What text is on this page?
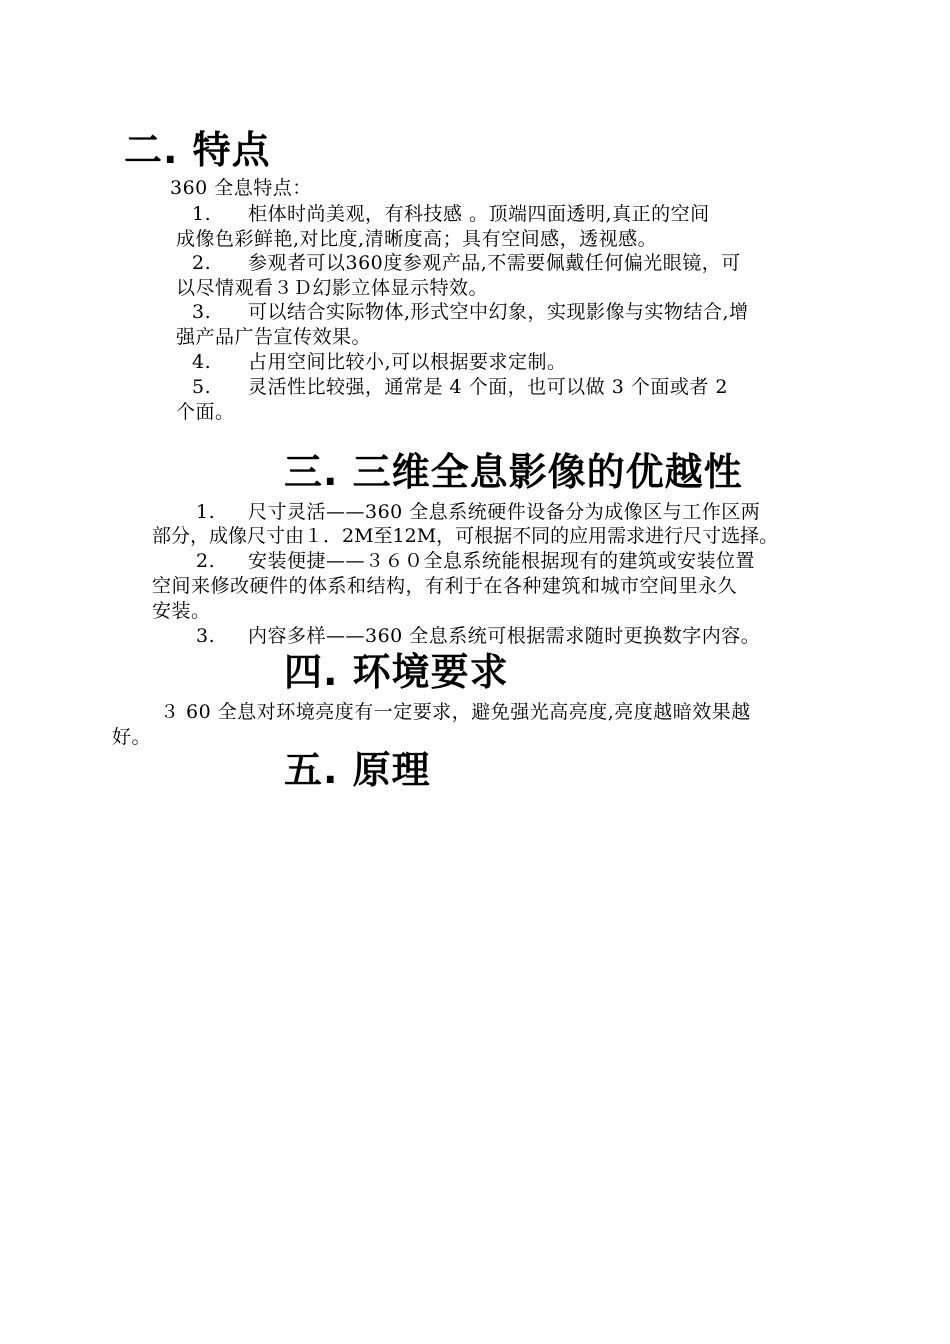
二. 特点
360 全息特点：
1. 柜体时尚美观，有科技感 。顶端四面透明,真正的空间
成像色彩鲜艳,对比度,清晰度高；具有空间感，透视感。
2. 参观者可以360度参观产品,不需要佩戴任何偏光眼镜，可
以尽情观看３Ｄ幻影立体显示特效。
3. 可以结合实际物体,形式空中幻象，实现影像与实物结合,增
强产品广告宣传效果。
4. 占用空间比较小,可以根据要求定制。
5. 灵活性比较强，通常是 4 个面，也可以做 3 个面或者 2
个面。
三. 三维全息影像的优越性
1. 尺寸灵活——360 全息系统硬件设备分为成像区与工作区两
部分，成像尺寸由１．2M至12M，可根据不同的应用需求进行尺寸选择。
2. 安装便捷——３６０全息系统能根据现有的建筑或安装位置
空间来修改硬件的体系和结构，有利于在各种建筑和城市空间里永久
安装。
3. 内容多样——360 全息系统可根据需求随时更换数字内容。
四. 环境要求
３ 60 全息对环境亮度有一定要求，避免强光高亮度,亮度越暗效果越
好。
五. 原理
